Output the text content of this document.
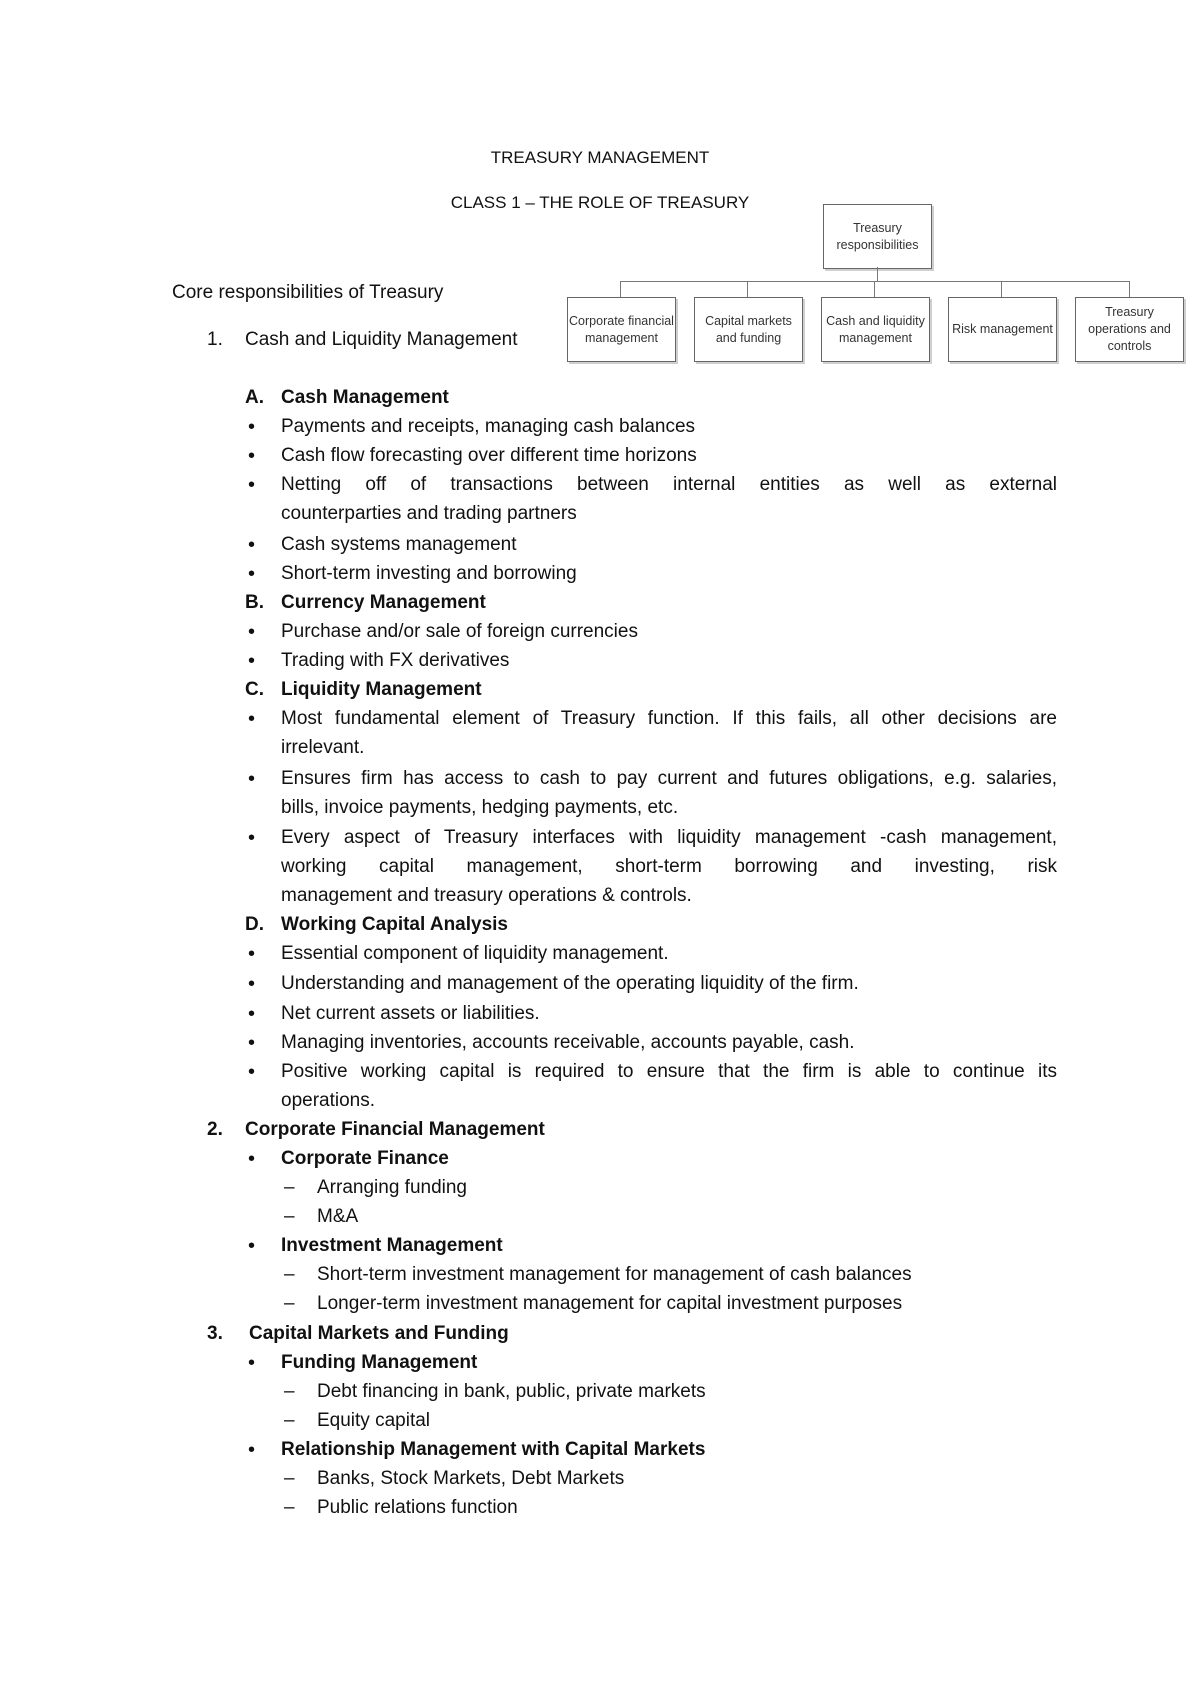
TREASURY MANAGEMENT
CLASS 1 – THE ROLE OF TREASURY
Treasury responsibilities
Corporate financial management
Capital markets and funding
Cash and liquidity management
Risk management
Treasury operations and controls
Core responsibilities of Treasury
1. Cash and Liquidity Management
A. Cash Management
• Payments and receipts, managing cash balances
• Cash flow forecasting over different time horizons
• Netting off of transactions between internal entities as well as external
counterparties and trading partners
• Cash systems management
• Short-term investing and borrowing
B. Currency Management
• Purchase and/or sale of foreign currencies
• Trading with FX derivatives
C. Liquidity Management
• Most fundamental element of Treasury function. If this fails, all other decisions are
irrelevant.
• Ensures firm has access to cash to pay current and futures obligations, e.g. salaries,
bills, invoice payments, hedging payments, etc.
• Every aspect of Treasury interfaces with liquidity management -cash management,
working capital management, short-term borrowing and investing, risk
management and treasury operations & controls.
D. Working Capital Analysis
• Essential component of liquidity management.
• Understanding and management of the operating liquidity of the firm.
• Net current assets or liabilities.
• Managing inventories, accounts receivable, accounts payable, cash.
• Positive working capital is required to ensure that the firm is able to continue its
operations.
2. Corporate Financial Management
• Corporate Finance
– Arranging funding
– M&A
• Investment Management
– Short-term investment management for management of cash balances
– Longer-term investment management for capital investment purposes
3. Capital Markets and Funding
• Funding Management
– Debt financing in bank, public, private markets
– Equity capital
• Relationship Management with Capital Markets
– Banks, Stock Markets, Debt Markets
– Public relations function
